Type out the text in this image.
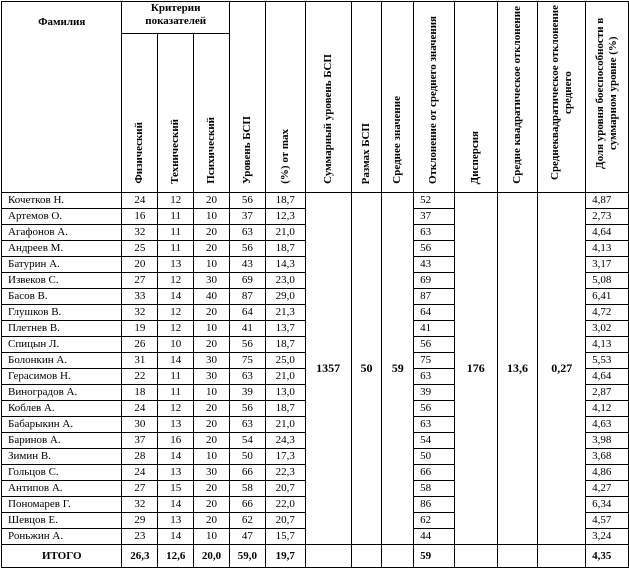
Фамилия	Критерии показателей			Уровень БСП	(%) от max	Суммарный уровень БСП	Размах БСП	Среднее значение	Отклонение от среднего значения	Дисперсия	Средне квадратическое отклонение	Среднеквадратическое отклонение среднего	Доля уровня боеспособности в суммарном уровне (%)
	Физический	Технический	Психический										
Кочетков Н.	24	12	20	56	18,7	1357	50	59	52	176	13,6	0,27	4,87
Артемов О.	16	11	10	37	12,3				37				2,73
Агафонов А.	32	11	20	63	21,0				63				4,64
Андреев М.	25	11	20	56	18,7				56				4,13
Батурин А.	20	13	10	43	14,3				43				3,17
Извеков С.	27	12	30	69	23,0				69				5,08
Басов В.	33	14	40	87	29,0				87				6,41
Глушков В.	32	12	20	64	21,3				64				4,72
Плетнев В.	19	12	10	41	13,7				41				3,02
Спицын Л.	26	10	20	56	18,7				56				4,13
Болонкин А.	31	14	30	75	25,0				75				5,53
Герасимов Н.	22	11	30	63	21,0				63				4,64
Виноградов А.	18	11	10	39	13,0				39				2,87
Коблев А.	24	12	20	56	18,7				56				4,12
Бабарыкин А.	30	13	20	63	21,0				63				4,63
Баринов А.	37	16	20	54	24,3				54				3,98
Зимин В.	28	14	10	50	17,3				50				3,68
Гольцов С.	24	13	30	66	22,3				66				4,86
Антипов А.	27	15	20	58	20,7				58				4,27
Пономарев Г.	32	14	20	66	22,0				86				6,34
Шевцов Е.	29	13	20	62	20,7				62				4,57
Роньжин А.	23	14	10	47	15,7				44				3,24
ИТОГО	26,3	12,6	20,0	59,0	19,7				59				4,35
